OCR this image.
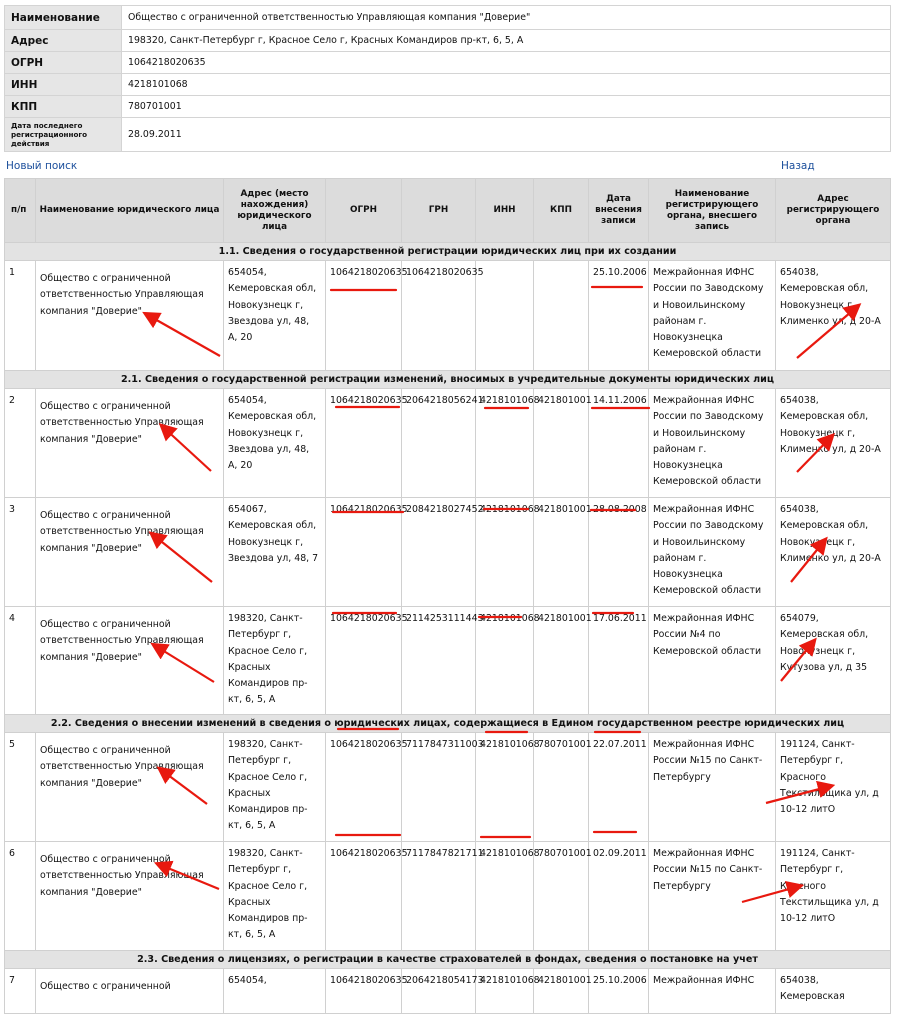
Наименование	Общество с ограниченной ответственностью Управляющая компания "Доверие"
Адрес	198320, Санкт-Петербург г, Красное Село г, Красных Командиров пр-кт, 6, 5, А
ОГРН	1064218020635
ИНН	4218101068
КПП	780701001
Дата последнего регистрационного действия	28.09.2011
Новый поиск	Назад
п/п	Наименование юридического лица	Адрес (место нахождения) юридического лица	ОГРН	ГРН	ИНН	КПП	Дата внесения записи	Наименование регистрирующего органа, внесшего запись	Адрес регистрирующего органа
1.1. Сведения о государственной регистрации юридических лиц при их создании									
1	Общество с ограниченной ответственностью Управляющая компания "Доверие"	654054, Кемеровская обл, Новокузнецк г, Звездова ул, 48, А, 20	1064218020635	1064218020635			25.10.2006	Межрайонная ИФНС России по Заводскому и Новоильинскому районам г. Новокузнецка Кемеровской области	654038, Кемеровская обл, Новокузнецк г, Клименко ул, д 20-А
2.1. Сведения о государственной регистрации изменений, вносимых в учредительные документы юридических лиц									
2	Общество с ограниченной ответственностью Управляющая компания "Доверие"	654054, Кемеровская обл, Новокузнецк г, Звездова ул, 48, А, 20	1064218020635	2064218056241	4218101068	421801001	14.11.2006	Межрайонная ИФНС России по Заводскому и Новоильинскому районам г. Новокузнецка Кемеровской области	654038, Кемеровская обл, Новокузнецк г, Клименко ул, д 20-А
3	Общество с ограниченной ответственностью Управляющая компания "Доверие"	654067, Кемеровская обл, Новокузнецк г, Звездова ул, 48, 7	1064218020635	2084218027452	4218101068	421801001	28.08.2008	Межрайонная ИФНС России по Заводскому и Новоильинскому районам г. Новокузнецка Кемеровской области	654038, Кемеровская обл, Новокузнецк г, Клименко ул, д 20-А
4	Общество с ограниченной ответственностью Управляющая компания "Доверие"	198320, Санкт-Петербург г, Красное Село г, Красных Командиров пр-кт, 6, 5, А	1064218020635	2114253111443	4218101068	421801001	17.06.2011	Межрайонная ИФНС России №4 по Кемеровской области	654079, Кемеровская обл, Новокузнецк г, Кутузова ул, д 35
2.2. Сведения о внесении изменений в сведения о юридических лицах, содержащиеся в Едином государственном реестре юридических лиц									
5	Общество с ограниченной ответственностью Управляющая компания "Доверие"	198320, Санкт-Петербург г, Красное Село г, Красных Командиров пр-кт, 6, 5, А	1064218020635	7117847311003	4218101068	780701001	22.07.2011	Межрайонная ИФНС России №15 по Санкт-Петербургу	191124, Санкт-Петербург г, Красного Текстильщика ул, д 10-12 литО
6	Общество с ограниченной ответственностью Управляющая компания "Доверие"	198320, Санкт-Петербург г, Красное Село г, Красных Командиров пр-кт, 6, 5, А	1064218020635	7117847821711	4218101068	780701001	02.09.2011	Межрайонная ИФНС России №15 по Санкт-Петербургу	191124, Санкт-Петербург г, Красного Текстильщика ул, д 10-12 литО
2.3. Сведения о лицензиях, о регистрации в качестве страхователей в фондах, сведения о постановке на учет									
7	Общество с ограниченной	654054,	1064218020635	2064218054173	4218101068	421801001	25.10.2006	Межрайонная ИФНС	654038, Кемеровская
